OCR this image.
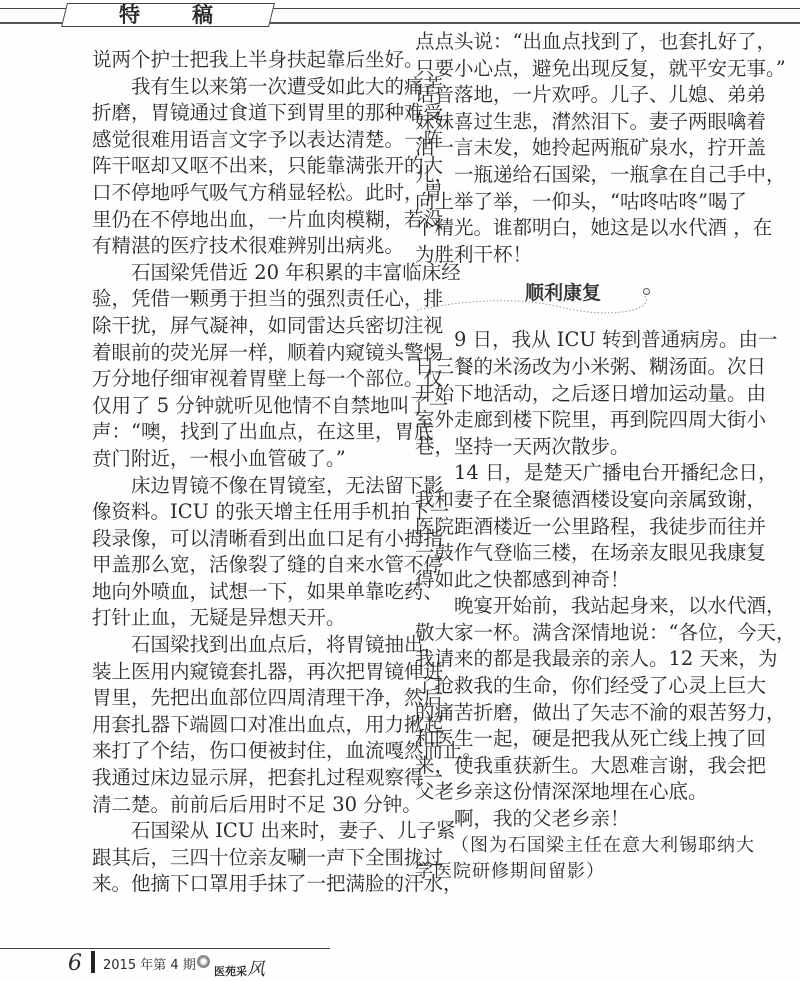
特 稿
说两个护士把我上半身扶起靠后坐好。
我有生以来第一次遭受如此大的痛苦
折磨，胃镜通过食道下到胃里的那种难受
感觉很难用语言文字予以表达清楚。一阵
阵干呕却又呕不出来，只能靠满张开的大
口不停地呼气吸气方稍显轻松。此时，胃
里仍在不停地出血，一片血肉模糊，若没
有精湛的医疗技术很难辨别出病兆。
石国梁凭借近 20 年积累的丰富临床经
验，凭借一颗勇于担当的强烈责任心，排
除干扰，屏气凝神，如同雷达兵密切注视
着眼前的荧光屏一样，顺着内窥镜头警惕
万分地仔细审视着胃壁上每一个部位。仅
仅用了 5 分钟就听见他情不自禁地叫了一
声：“噢，找到了出血点，在这里，胃底
贲门附近，一根小血管破了。”
床边胃镜不像在胃镜室，无法留下影
像资料。ICU 的张天增主任用手机拍下一
段录像，可以清晰看到出血口足有小拇指
甲盖那么宽，活像裂了缝的自来水管不停
地向外喷血，试想一下，如果单靠吃药、
打针止血，无疑是异想天开。
石国梁找到出血点后，将胃镜抽出，
装上医用内窥镜套扎器，再次把胃镜伸进
胃里，先把出血部位四周清理干净，然后
用套扎器下端圆口对准出血点，用力揪起
来打了个结，伤口便被封住，血流嘎然而止。
我通过床边显示屏，把套扎过程观察得一
清二楚。前前后后用时不足 30 分钟。
石国梁从 ICU 出来时，妻子、儿子紧
跟其后，三四十位亲友唰一声下全围拢过
来。他摘下口罩用手抹了一把满脸的汗水，
点点头说：“出血点找到了，也套扎好了，
只要小心点，避免出现反复，就平安无事。”
话音落地，一片欢呼。儿子、儿媳、弟弟
妹妹喜过生悲，潸然泪下。妻子两眼噙着
泪一言未发，她拎起两瓶矿泉水，拧开盖
儿，一瓶递给石国梁，一瓶拿在自己手中，
向上举了举，一仰头，“咕咚咕咚”喝了
个精光。谁都明白，她这是以水代酒 ，在
为胜利干杯！
顺利康复
9 日，我从 ICU 转到普通病房。由一
日三餐的米汤改为小米粥、糊汤面。次日
开始下地活动，之后逐日增加运动量。由
室外走廊到楼下院里，再到院四周大街小
巷，坚持一天两次散步。
14 日，是楚天广播电台开播纪念日，
我和妻子在全聚德酒楼设宴向亲属致谢，
医院距酒楼近一公里路程，我徒步而往并
一鼓作气登临三楼，在场亲友眼见我康复
得如此之快都感到神奇！
晚宴开始前，我站起身来，以水代酒，
敬大家一杯。满含深情地说：“各位，今天，
我请来的都是我最亲的亲人。12 天来，为
了抢救我的生命，你们经受了心灵上巨大
的痛苦折磨，做出了矢志不渝的艰苦努力，
和医生一起，硬是把我从死亡线上拽了回
来，使我重获新生。大恩难言谢，我会把
父老乡亲这份情深深地埋在心底。
啊，我的父老乡亲！
（图为石国梁主任在意大利锡耶纳大
学医院研修期间留影）
6 2015 年第 4 期 医苑采风
